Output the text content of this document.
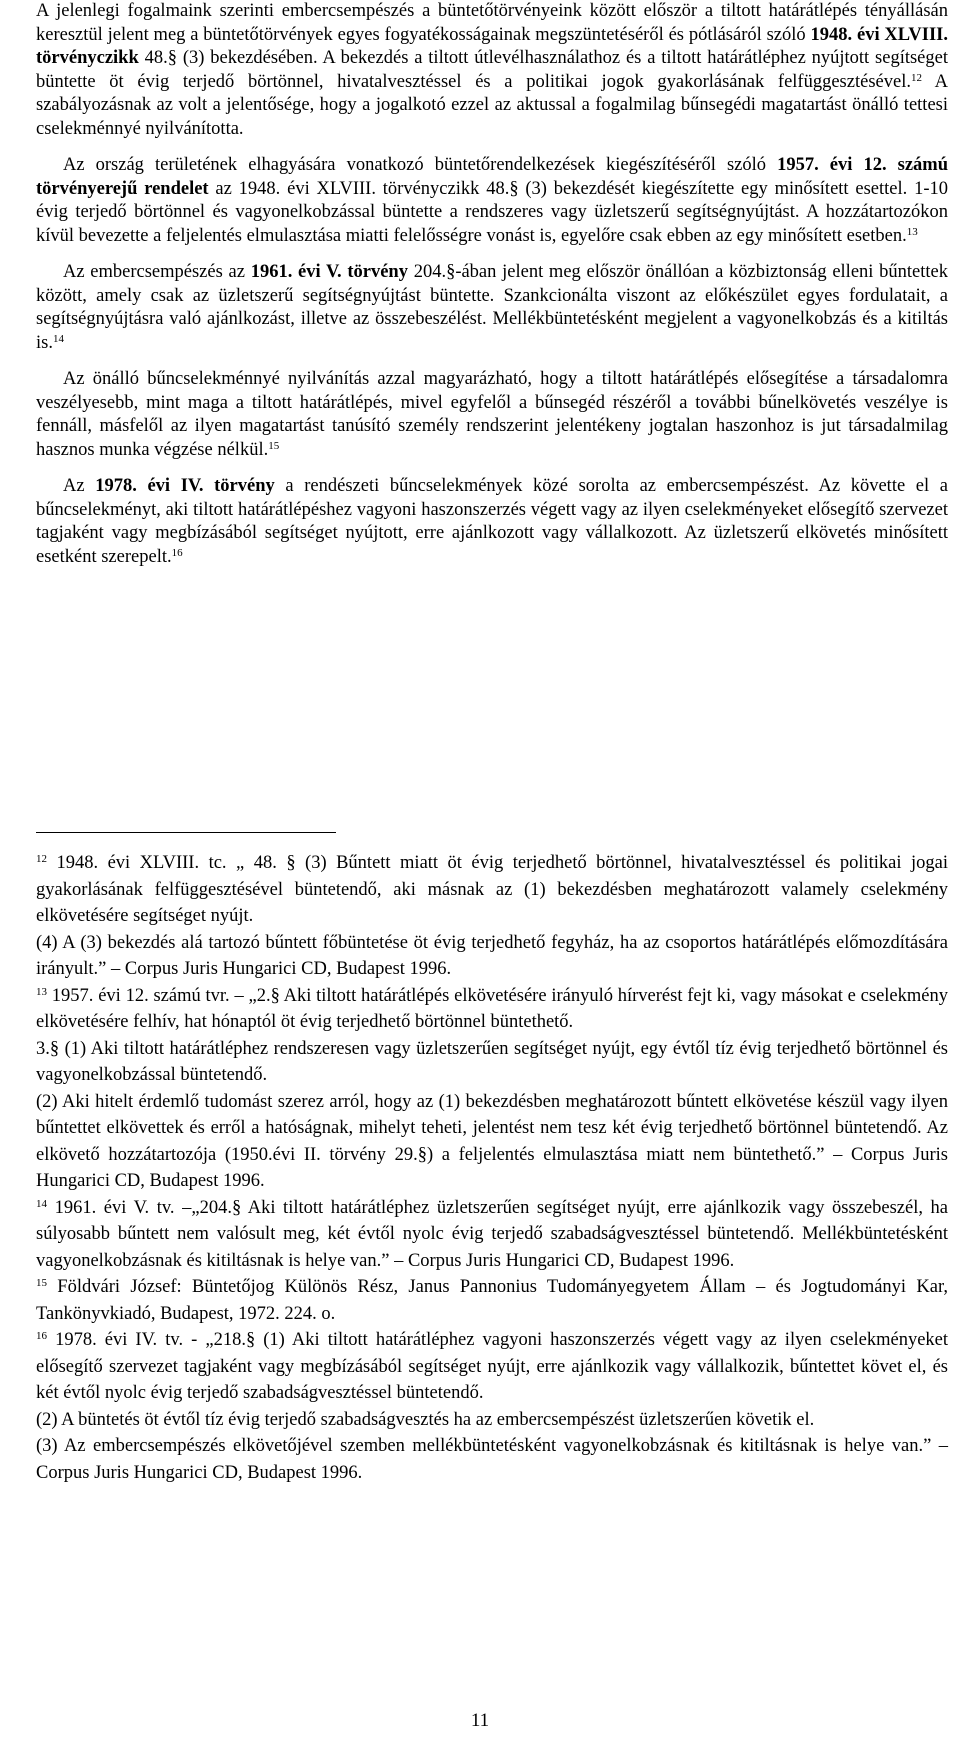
A jelenlegi fogalmaink szerinti embercsempészés a büntetőtörvényeink között először a tiltott határátlépés tényállásán keresztül jelent meg a büntetőtörvények egyes fogyatékosságainak megszüntetéséről és pótlásáról szóló 1948. évi XLVIII. törvényczikk 48.§ (3) bekezdésében. A bekezdés a tiltott útlevélhasználathoz és a tiltott határátléphez nyújtott segítséget büntette öt évig terjedő börtönnel, hivatalvesztéssel és a politikai jogok gyakorlásának felfüggesztésével.$^{12}$ A szabályozásnak az volt a jelentősége, hogy a jogalkotó ezzel az aktussal a fogalmilag bűnsegédi magatartást önálló tettesi cselekménnyé nyilvánította.

Az ország területének elhagyására vonatkozó büntetőrendelkezések kiegészítéséről szóló 1957. évi 12. számú törvényerejű rendelet az 1948. évi XLVIII. törvényczikk 48.§ (3) bekezdését kiegészítette egy minősített esettel. 1-10 évig terjedő börtönnel és vagyonelkobzással büntette a rendszeres vagy üzletszerű segítségnyújtást. A hozzátartozókon kívül bevezette a feljelentés elmulasztása miatti felelősségre vonást is, egyelőre csak ebben az egy minősített esetben.$^{13}$

Az embercsempészés az 1961. évi V. törvény 204.§-ában jelent meg először önállóan a közbiztonság elleni bűntettek között, amely csak az üzletszerű segítségnyújtást büntette. Szankcionálta viszont az előkészület egyes fordulatait, a segítségnyújtásra való ajánlkozást, illetve az összebeszélést. Mellékbüntetésként megjelent a vagyonelkobzás és a kitiltás is.$^{14}$

Az önálló bűncselekménnyé nyilvánítás azzal magyarázható, hogy a tiltott határátlépés elősegítése a társadalomra veszélyesebb, mint maga a tiltott határátlépés, mivel egyfelől a bűnsegéd részéről a további bűnelkövetés veszélye is fennáll, másfelől az ilyen magatartást tanúsító személy rendszerint jelentékeny jogtalan haszonhoz is jut társadalmilag hasznos munka végzése nélkül.$^{15}$

Az 1978. évi IV. törvény a rendészeti bűncselekmények közé sorolta az embercsempészést. Az követte el a bűncselekményt, aki tiltott határátlépéshez vagyoni haszonszerzés végett vagy az ilyen cselekményeket elősegítő szervezet tagjaként vagy megbízásából segítséget nyújtott, erre ajánlkozott vagy vállalkozott. Az üzletszerű elkövetés minősített esetként szerepelt.$^{16}$

$^{12}$ 1948. évi XLVIII. tc. „ 48. § (3) Bűntett miatt öt évig terjedhető börtönnel, hivatalvesztéssel és politikai jogai gyakorlásának felfüggesztésével büntetendő, aki másnak az (1) bekezdésben meghatározott valamely cselekmény elkövetésére segítséget nyújt.

(4) A (3) bekezdés alá tartozó bűntett főbüntetése öt évig terjedhető fegyház, ha az csoportos határátlépés előmozdítására irányult.” – Corpus Juris Hungarici CD, Budapest 1996.

$^{13}$ 1957. évi 12. számú tvr. – „2.§ Aki tiltott határátlépés elkövetésére irányuló hírverést fejt ki, vagy másokat e cselekmény elkövetésére felhív, hat hónaptól öt évig terjedhető börtönnel büntethető.

3.§ (1) Aki tiltott határátléphez rendszeresen vagy üzletszerűen segítséget nyújt, egy évtől tíz évig terjedhető börtönnel és vagyonelkobzással büntetendő.

(2) Aki hitelt érdemlő tudomást szerez arról, hogy az (1) bekezdésben meghatározott bűntett elkövetése készül vagy ilyen bűntettet elkövettek és erről a hatóságnak, mihelyt teheti, jelentést nem tesz két évig terjedhető börtönnel büntetendő. Az elkövető hozzátartozója (1950.évi II. törvény 29.§) a feljelentés elmulasztása miatt nem büntethető.” – Corpus Juris Hungarici CD, Budapest 1996.

$^{14}$ 1961. évi V. tv. –„204.§ Aki tiltott határátléphez üzletszerűen segítséget nyújt, erre ajánlkozik vagy összebeszél, ha súlyosabb bűntett nem valósult meg, két évtől nyolc évig terjedő szabadságvesztéssel büntetendő. Mellékbüntetésként vagyonelkobzásnak és kitiltásnak is helye van.” – Corpus Juris Hungarici CD, Budapest 1996.

$^{15}$ Földvári József: Büntetőjog Különös Rész, Janus Pannonius Tudományegyetem Állam – és Jogtudományi Kar, Tankönyvkiadó, Budapest, 1972. 224. o.

$^{16}$ 1978. évi IV. tv. - „218.§ (1) Aki tiltott határátléphez vagyoni haszonszerzés végett vagy az ilyen cselekményeket elősegítő szervezet tagjaként vagy megbízásából segítséget nyújt, erre ajánlkozik vagy vállalkozik, bűntettet követ el, és két évtől nyolc évig terjedő szabadságvesztéssel büntetendő.

(2) A büntetés öt évtől tíz évig terjedő szabadságvesztés ha az embercsempészést üzletszerűen követik el.

(3) Az embercsempészés elkövetőjével szemben mellékbüntetésként vagyonelkobzásnak és kitiltásnak is helye van.” – Corpus Juris Hungarici CD, Budapest 1996.

11
